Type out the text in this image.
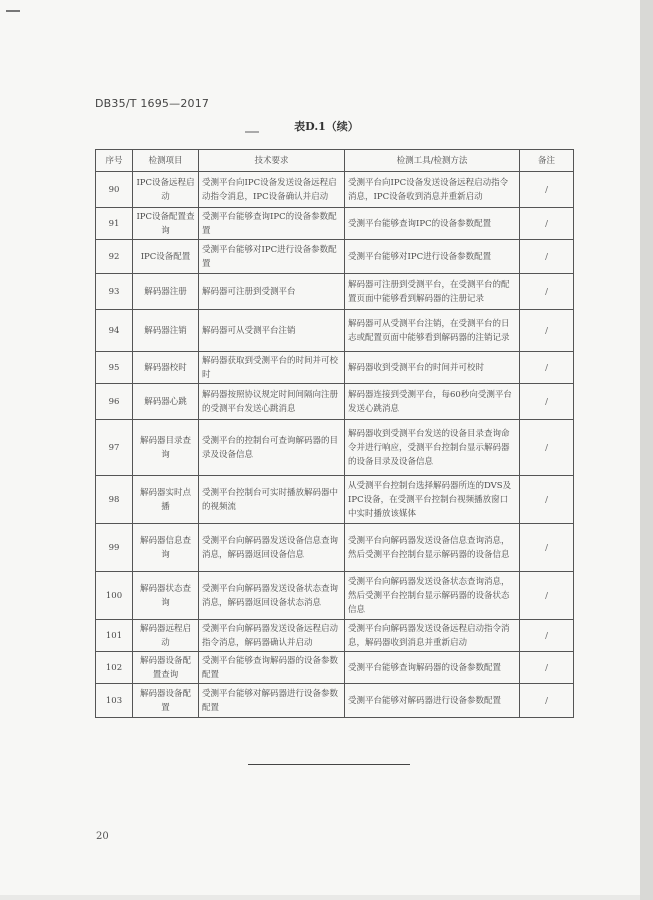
DB35/T 1695—2017
表D.1（续）
序号	检测项目	技术要求	检测工具/检测方法	备注
90	IPC设备远程启动	受测平台向IPC设备发送设备远程启动指令消息，IPC设备确认并启动	受测平台向IPC设备发送设备远程启动指令消息，IPC设备收到消息并重新启动	/
91	IPC设备配置查询	受测平台能够查询IPC的设备参数配置	受测平台能够查询IPC的设备参数配置	/
92	IPC设备配置	受测平台能够对IPC进行设备参数配置	受测平台能够对IPC进行设备参数配置	/
93	解码器注册	解码器可注册到受测平台	解码器可注册到受测平台，在受测平台的配置页面中能够看到解码器的注册记录	/
94	解码器注销	解码器可从受测平台注销	解码器可从受测平台注销，在受测平台的日志或配置页面中能够看到解码器的注销记录	/
95	解码器校时	解码器获取到受测平台的时间并可校时	解码器收到受测平台的时间并可校时	/
96	解码器心跳	解码器按照协议规定时间间隔向注册的受测平台发送心跳消息	解码器连接到受测平台，每60秒向受测平台发送心跳消息	/
97	解码器目录查询	受测平台的控制台可查询解码器的目录及设备信息	解码器收到受测平台发送的设备目录查询命令并进行响应，受测平台控制台显示解码器的设备目录及设备信息	/
98	解码器实时点播	受测平台控制台可实时播放解码器中的视频流	从受测平台控制台选择解码器所连的DVS及IPC设备，在受测平台控制台视频播放窗口中实时播放该媒体	/
99	解码器信息查询	受测平台向解码器发送设备信息查询消息，解码器返回设备信息	受测平台向解码器发送设备信息查询消息，然后受测平台控制台显示解码器的设备信息	/
100	解码器状态查询	受测平台向解码器发送设备状态查询消息，解码器返回设备状态消息	受测平台向解码器发送设备状态查询消息，然后受测平台控制台显示解码器的设备状态信息	/
101	解码器远程启动	受测平台向解码器发送设备远程启动指令消息，解码器确认并启动	受测平台向解码器发送设备远程启动指令消息，解码器收到消息并重新启动	/
102	解码器设备配置查询	受测平台能够查询解码器的设备参数配置	受测平台能够查询解码器的设备参数配置	/
103	解码器设备配置	受测平台能够对解码器进行设备参数配置	受测平台能够对解码器进行设备参数配置	/
20
